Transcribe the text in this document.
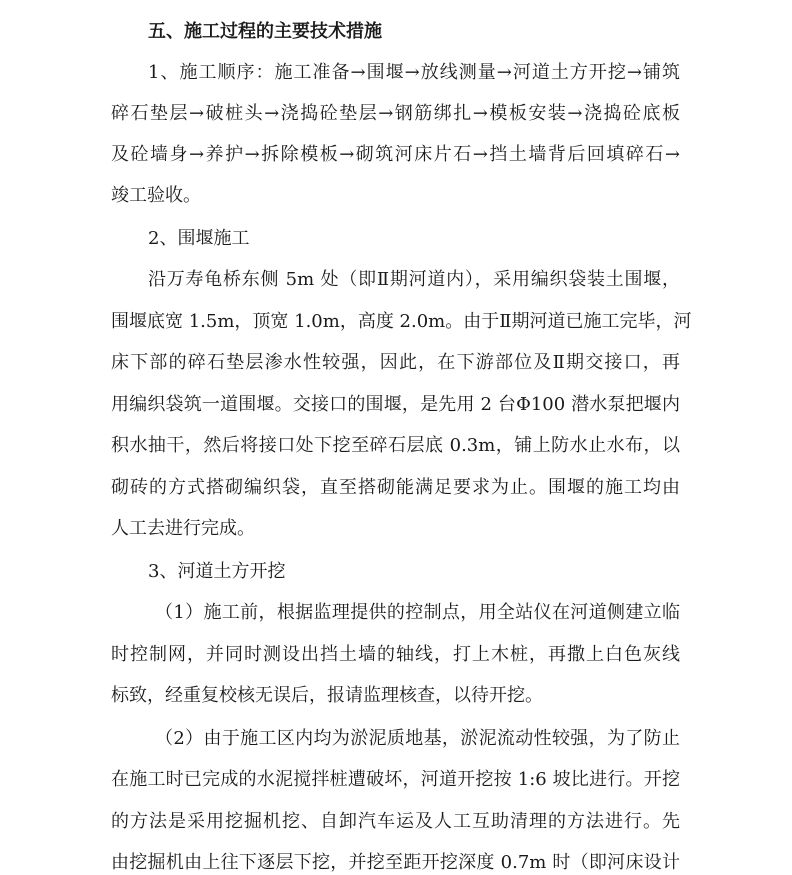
五、施工过程的主要技术措施
1、施工顺序：施工准备→围堰→放线测量→河道土方开挖→铺筑
碎石垫层→破桩头→浇捣砼垫层→钢筋绑扎→模板安装→浇捣砼底板
及砼墙身→养护→拆除模板→砌筑河床片石→挡土墙背后回填碎石→
竣工验收。
2、围堰施工
沿万寿龟桥东侧 5m 处（即Ⅱ期河道内），采用编织袋装土围堰，
围堰底宽 1.5m，顶宽 1.0m，高度 2.0m。由于Ⅱ期河道已施工完毕，河
床下部的碎石垫层渗水性较强，因此，在下游部位及Ⅱ期交接口，再
用编织袋筑一道围堰。交接口的围堰，是先用 2 台Φ100 潜水泵把堰内
积水抽干，然后将接口处下挖至碎石层底 0.3m，铺上防水止水布，以
砌砖的方式搭砌编织袋，直至搭砌能满足要求为止。围堰的施工均由
人工去进行完成。
3、河道土方开挖
（1）施工前，根据监理提供的控制点，用全站仪在河道侧建立临
时控制网，并同时测设出挡土墙的轴线，打上木桩，再撒上白色灰线
标致，经重复校核无误后，报请监理核查，以待开挖。
（2）由于施工区内均为淤泥质地基，淤泥流动性较强，为了防止
在施工时已完成的水泥搅拌桩遭破坏，河道开挖按 1:6 坡比进行。开挖
的方法是采用挖掘机挖、自卸汽车运及人工互助清理的方法进行。先
由挖掘机由上往下逐层下挖，并挖至距开挖深度 0.7m 时（即河床设计
